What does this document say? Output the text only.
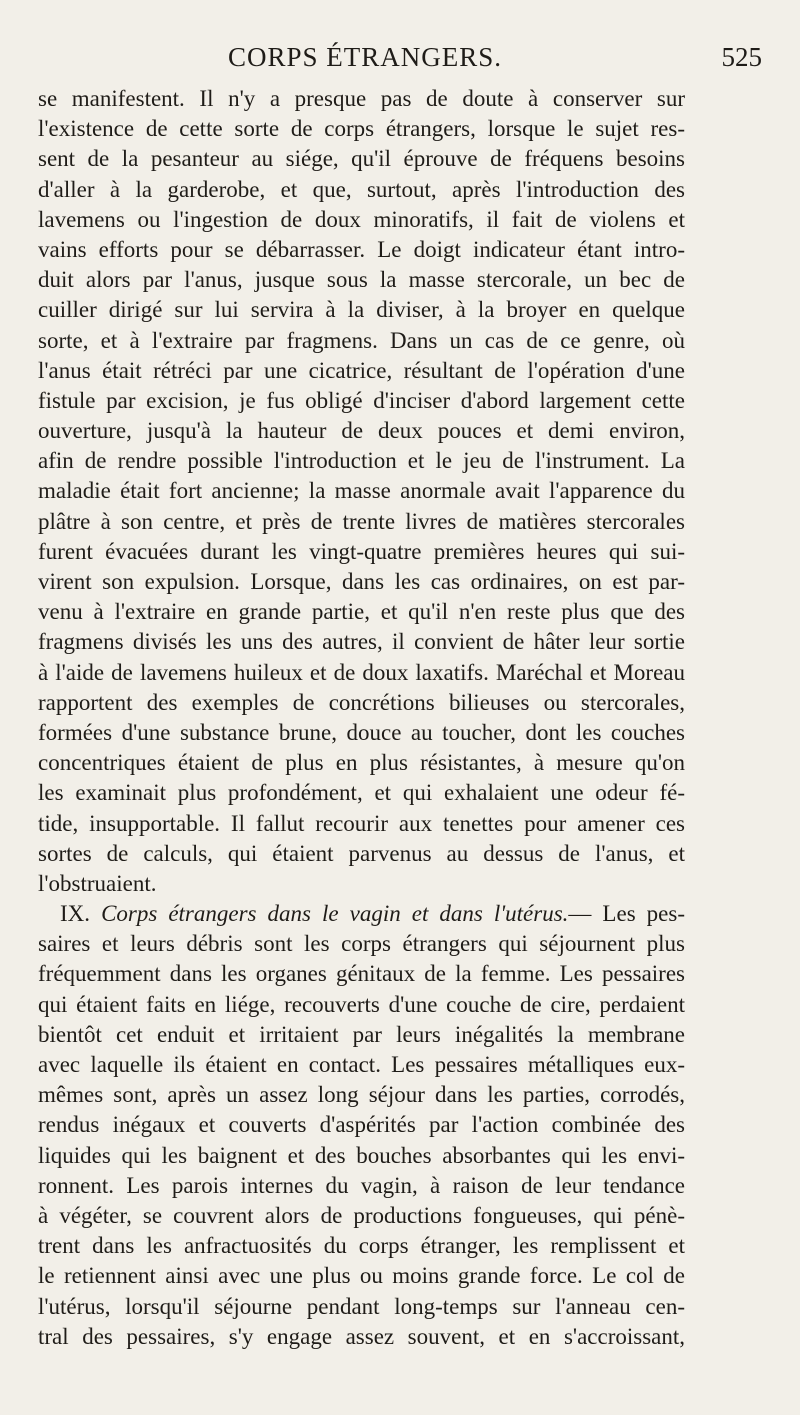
CORPS ÉTRANGERS.	525
se manifestent. Il n'y a presque pas de doute à conserver sur
l'existence de cette sorte de corps étrangers, lorsque le sujet res-
sent de la pesanteur au siége, qu'il éprouve de fréquens besoins
d'aller à la garderobe, et que, surtout, après l'introduction des
lavemens ou l'ingestion de doux minoratifs, il fait de violens et
vains efforts pour se débarrasser. Le doigt indicateur étant intro-
duit alors par l'anus, jusque sous la masse stercorale, un bec de
cuiller dirigé sur lui servira à la diviser, à la broyer en quelque
sorte, et à l'extraire par fragmens. Dans un cas de ce genre, où
l'anus était rétréci par une cicatrice, résultant de l'opération d'une
fistule par excision, je fus obligé d'inciser d'abord largement cette
ouverture, jusqu'à la hauteur de deux pouces et demi environ,
afin de rendre possible l'introduction et le jeu de l'instrument. La
maladie était fort ancienne; la masse anormale avait l'apparence du
plâtre à son centre, et près de trente livres de matières stercorales
furent évacuées durant les vingt-quatre premières heures qui sui-
virent son expulsion. Lorsque, dans les cas ordinaires, on est par-
venu à l'extraire en grande partie, et qu'il n'en reste plus que des
fragmens divisés les uns des autres, il convient de hâter leur sortie
à l'aide de lavemens huileux et de doux laxatifs. Maréchal et Moreau
rapportent des exemples de concrétions bilieuses ou stercorales,
formées d'une substance brune, douce au toucher, dont les couches
concentriques étaient de plus en plus résistantes, à mesure qu'on
les examinait plus profondément, et qui exhalaient une odeur fé-
tide, insupportable. Il fallut recourir aux tenettes pour amener ces
sortes de calculs, qui étaient parvenus au dessus de l'anus, et
l'obstruaient.
IX. Corps étrangers dans le vagin et dans l'utérus.— Les pes-
saires et leurs débris sont les corps étrangers qui séjournent plus
fréquemment dans les organes génitaux de la femme. Les pessaires
qui étaient faits en liége, recouverts d'une couche de cire, perdaient
bientôt cet enduit et irritaient par leurs inégalités la membrane
avec laquelle ils étaient en contact. Les pessaires métalliques eux-
mêmes sont, après un assez long séjour dans les parties, corrodés,
rendus inégaux et couverts d'aspérités par l'action combinée des
liquides qui les baignent et des bouches absorbantes qui les envi-
ronnent. Les parois internes du vagin, à raison de leur tendance
à végéter, se couvrent alors de productions fongueuses, qui pénè-
trent dans les anfractuosités du corps étranger, les remplissent et
le retiennent ainsi avec une plus ou moins grande force. Le col de
l'utérus, lorsqu'il séjourne pendant long-temps sur l'anneau cen-
tral des pessaires, s'y engage assez souvent, et en s'accroissant,
